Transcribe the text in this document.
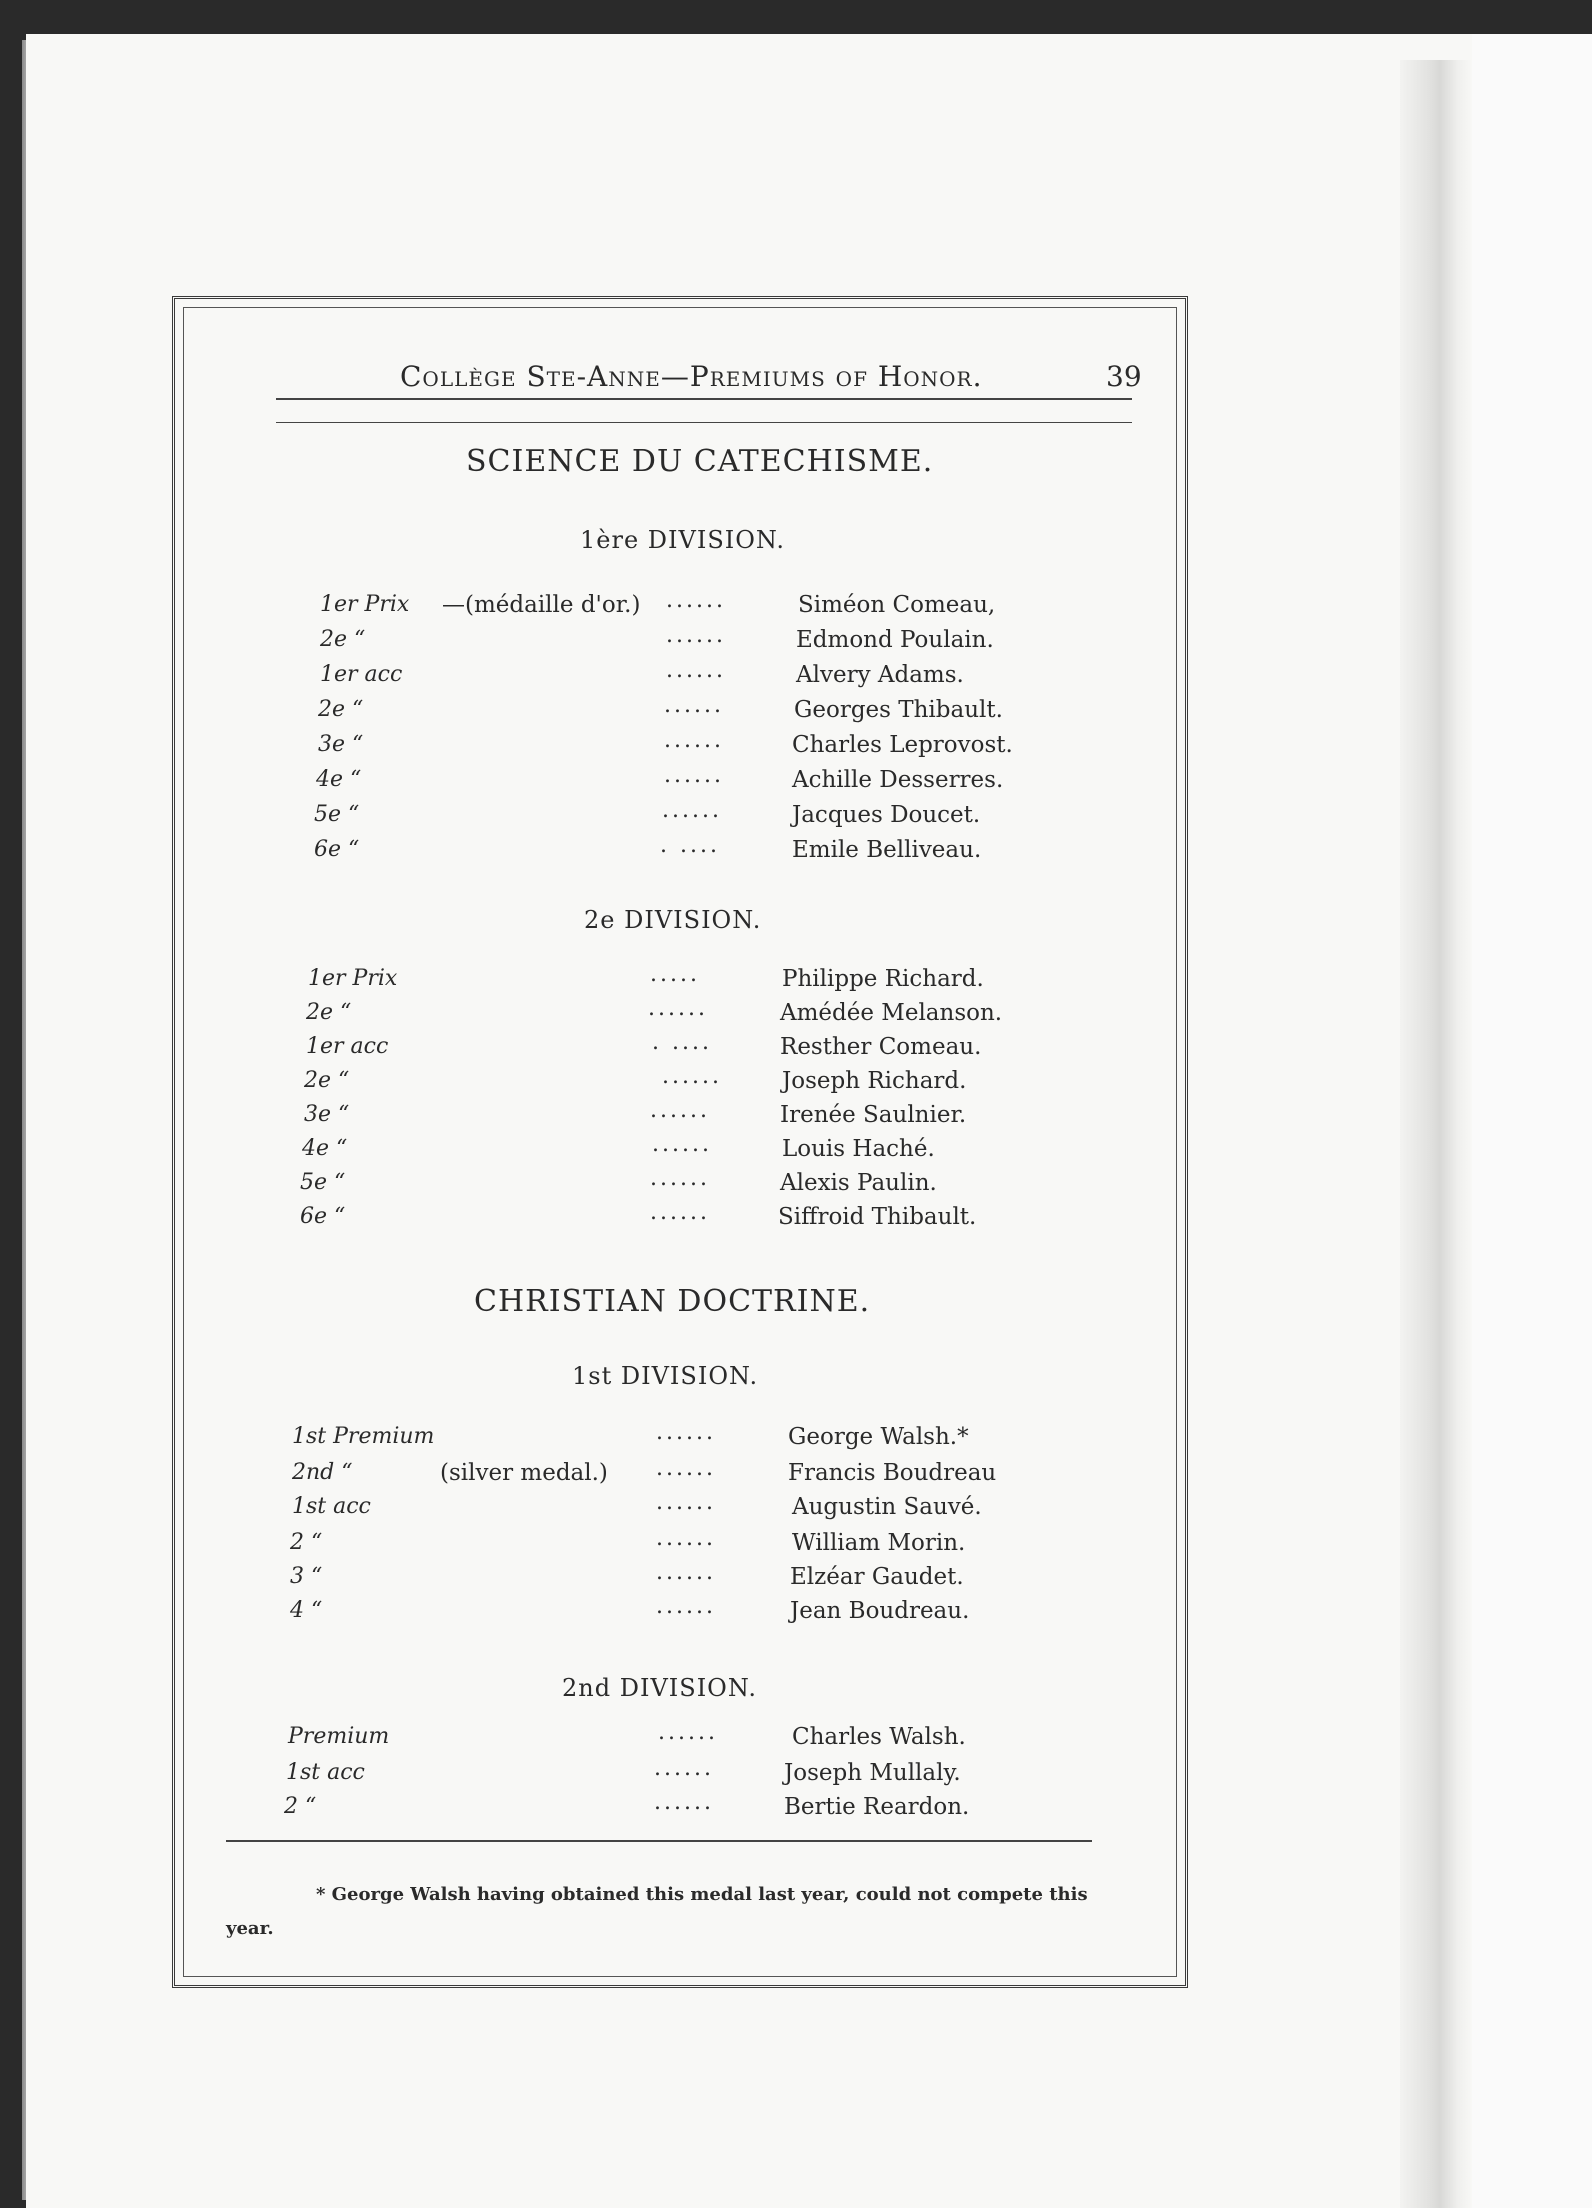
Collège Ste-Anne—Premiums of Honor.	39
SCIENCE DU CATECHISME.
1ère DIVISION.
1er Prix —(médaille d'or.) ......	Siméon Comeau,
2e “	......	Edmond Poulain.
1er acc	......	Alvery Adams.
2e “	......	Georges Thibault.
3e “	......	Charles Leprovost.
4e “	......	Achille Desserres.
5e “	......	Jacques Doucet.
6e “	. ....	Emile Belliveau.
2e DIVISION.
1er Prix	.....	Philippe Richard.
2e “	......	Amédée Melanson.
1er acc	. ....	Resther Comeau.
2e “	......	Joseph Richard.
3e “	......	Irenée Saulnier.
4e “	......	Louis Haché.
5e “	......	Alexis Paulin.
6e “	......	Siffroid Thibault.
CHRISTIAN DOCTRINE.
1st DIVISION.
1st Premium	......	George Walsh.*
2nd “	(silver medal.) ......	Francis Boudreau
1st acc	......	Augustin Sauvé.
2 “	......	William Morin.
3 “	......	Elzéar Gaudet.
4 “	......	Jean Boudreau.
2nd DIVISION.
Premium	......	Charles Walsh.
1st acc	......	Joseph Mullaly.
2 “	......	Bertie Reardon.
* George Walsh having obtained this medal last year, could not compete this year.
